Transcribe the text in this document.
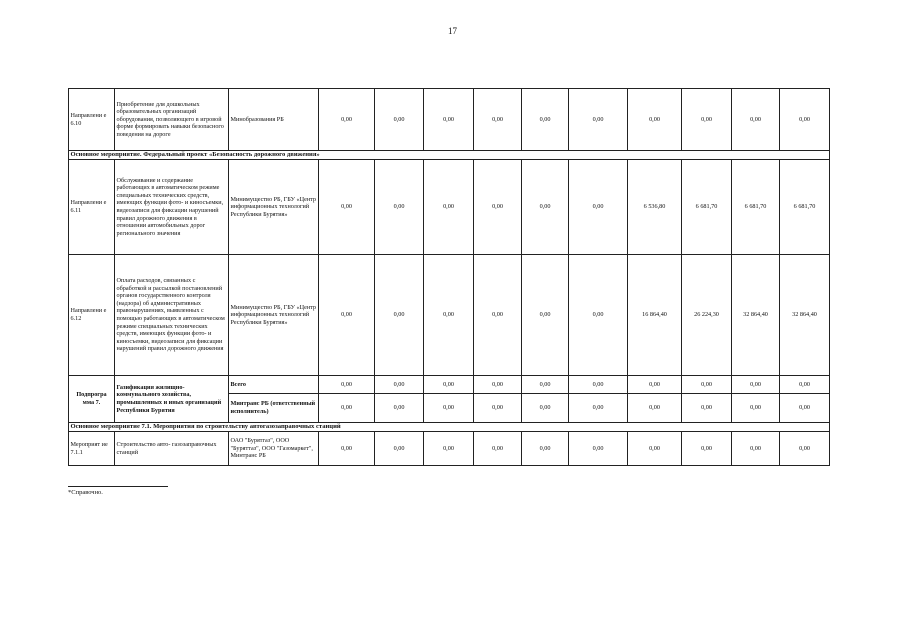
17
Направлени е 6.10	Приобретение для дошкольных образовательных организаций оборудования, позволяющего в игровой форме формировать навыки безопасного поведения на дороге	Минобразования РБ	0,00	0,00	0,00	0,00	0,00	0,00	0,00	0,00	0,00	0,00
Основное мероприятие. Федеральный проект «Безопасность дорожного движения»												
Направлени е 6.11	Обслуживание и содержание работающих в автоматическом режиме специальных технических средств, имеющих функции фото- и киносъемки, видеозаписи для фиксации нарушений правил дорожного движения в отношении автомобильных дорог регионального значения	Минимущество РБ, ГБУ «Центр информационных технологий Республики Бурятия»	0,00	0,00	0,00	0,00	0,00	0,00	6 536,80	6 681,70	6 681,70	6 681,70
Направлени е 6.12	Оплата расходов, связанных с обработкой и рассылкой постановлений органов государственного контроля (надзора) об административных правонарушениях, выявленных с помощью работающих в автоматическом режиме специальных технических средств, имеющих функции фото- и киносъемки, видеозаписи для фиксации нарушений правил дорожного движения	Минимущество РБ, ГБУ «Центр информационных технологий Республики Бурятия»	0,00	0,00	0,00	0,00	0,00	0,00	16 864,40	26 224,30	32 864,40	32 864,40
Подпрогра мма 7.	Газификация жилищно-коммунального хозяйства, промышленных и иных организаций Республики Бурятия	Всего	0,00	0,00	0,00	0,00	0,00	0,00	0,00	0,00	0,00	0,00
		Минтранс РБ (ответственный исполнитель)	0,00	0,00	0,00	0,00	0,00	0,00	0,00	0,00	0,00	0,00
Основное мероприятие 7.1. Мероприятия по строительству автогазозаправочных станций												
Мероприят ие 7.1.1	Строительство авто- газозаправочных станций	ОАО "Бурятгаз", ООО "Буряттаз", ООО "Газомаркет", Минтранс РБ	0,00	0,00	0,00	0,00	0,00	0,00	0,00	0,00	0,00	0,00
*Справочно.
